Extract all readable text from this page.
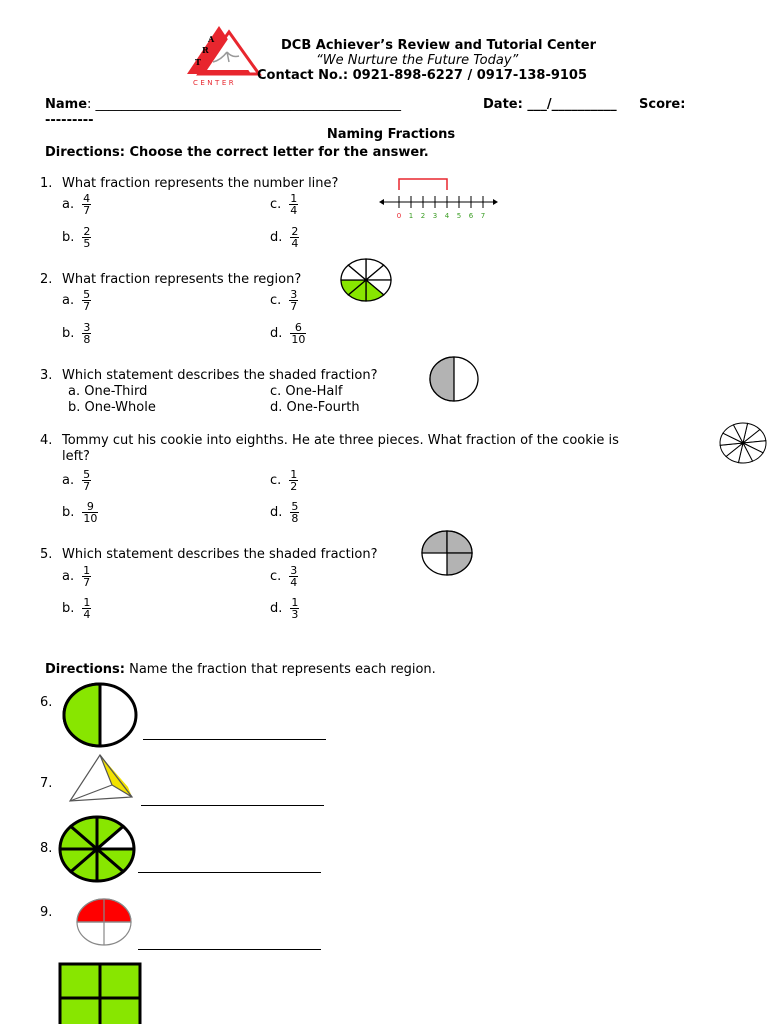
A
R
T
CENTER
DCB Achiever’s Review and Tutorial Center
“We Nurture the Future Today”
Contact No.: 0921-898-6227 / 0917-138-9105
Name: _______________________________________________	Date: ___/__________ Score:
---------
Naming Fractions
Directions: Choose the correct letter for the answer.
1. What fraction represents the number line?
0 1 2 3 4 5 6 7
a. $\frac{4}{7}$
b. $\frac{2}{5}$
c. $\frac{1}{4}$
d. $\frac{2}{4}$
2. What fraction represents the region?
a. $\frac{5}{7}$
b. $\frac{3}{8}$
c. $\frac{3}{7}$
d. $\frac{6}{10}$
3. Which statement describes the shaded fraction?
a.
One-Third
b.
One-Whole
c.
One-Half
d.
One-Fourth
4. Tommy cut his cookie into eighths. He ate three pieces. What fraction of the cookie is
left?
a. $\frac{5}{7}$
b. $\frac{9}{10}$
c. $\frac{1}{2}$
d. $\frac{5}{8}$
5. Which statement describes the shaded fraction?
a. $\frac{1}{7}$
b. $\frac{1}{4}$
c. $\frac{3}{4}$
d. $\frac{1}{3}$
Directions: Name the fraction that represents each region.
6.
7.
8.
9.
